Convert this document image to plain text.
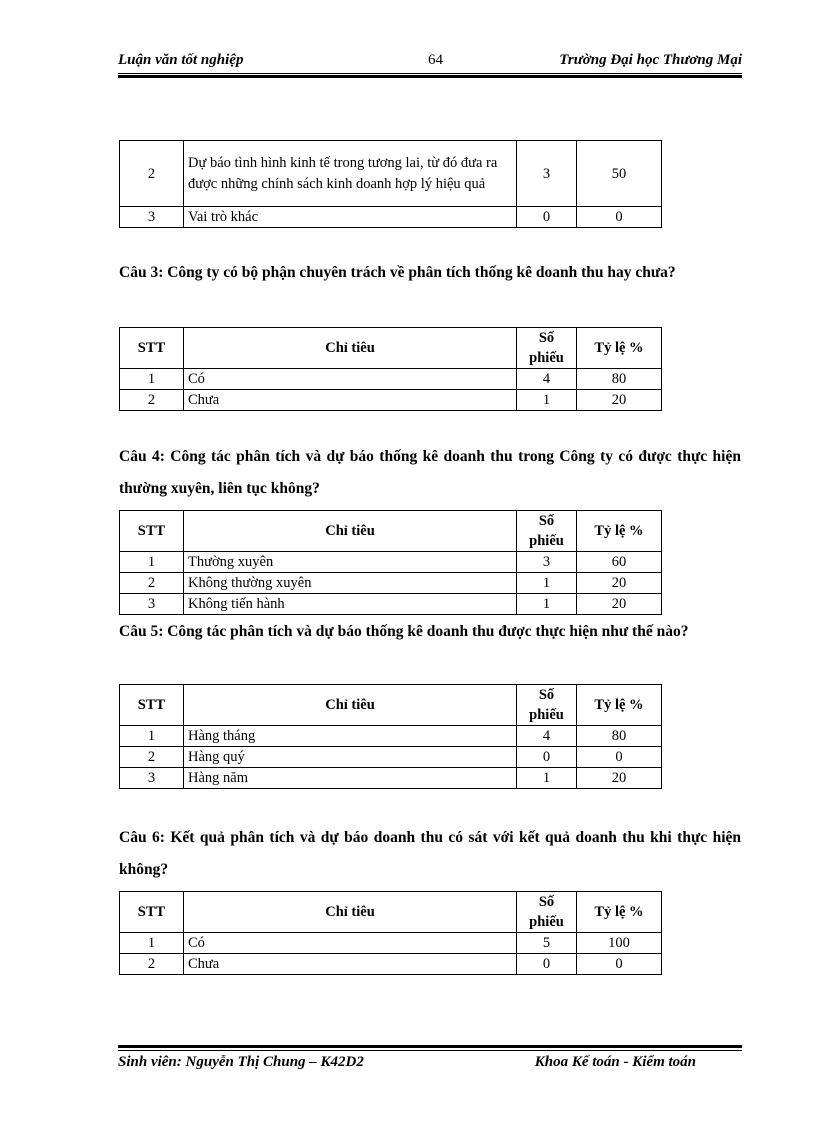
Luận văn tốt nghiệp	64	Trường Đại học Thương Mại
2	Dự báo tình hình kinh tế trong tương lai, từ đó đưa ra được những chính sách kinh doanh hợp lý hiệu quả	3	50
3	Vai trò khác	0	0
Câu 3: Công ty có bộ phận chuyên trách về phân tích thống kê doanh thu hay chưa?
STT	Chỉ tiêu	Số phiếu	Tỷ lệ %
1	Có	4	80
2	Chưa	1	20
Câu 4: Công tác phân tích và dự báo thống kê doanh thu trong Công ty có được thực hiện thường xuyên, liên tục không?
STT	Chỉ tiêu	Số phiếu	Tỷ lệ %
1	Thường xuyên	3	60
2	Không thường xuyên	1	20
3	Không tiến hành	1	20
Câu 5: Công tác phân tích và dự báo thống kê doanh thu được thực hiện như thế nào?
STT	Chỉ tiêu	Số phiếu	Tỷ lệ %
1	Hàng tháng	4	80
2	Hàng quý	0	0
3	Hàng năm	1	20
Câu 6: Kết quả phân tích và dự báo doanh thu có sát với kết quả doanh thu khi thực hiện không?
STT	Chỉ tiêu	Số phiếu	Tỷ lệ %
1	Có	5	100
2	Chưa	0	0
Sinh viên: Nguyễn Thị Chung – K42D2	Khoa Kế toán - Kiểm toán
